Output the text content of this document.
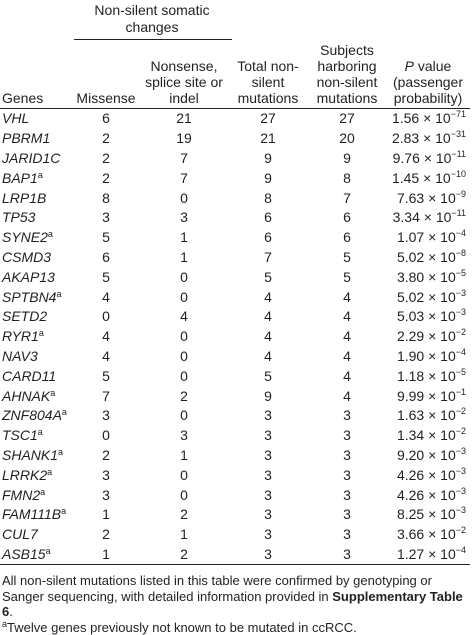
Non-silent somatic changes
Genes	Missense	Nonsense, splice site or indel	Total non-silent mutations	Subjects harboring non-silent mutations	P value (passenger probability)
VHL	6	21	27	27	$1.56 \times 10^{-71}$
PBRM1	2	19	21	20	$2.83 \times 10^{-31}$
JARID1C	2	7	9	9	$9.76 \times 10^{-11}$
BAP1$^a$	2	7	9	8	$1.45 \times 10^{-10}$
LRP1B	8	0	8	7	$7.63 \times 10^{-9}$
TP53	3	3	6	6	$3.34 \times 10^{-11}$
SYNE2$^a$	5	1	6	6	$1.07 \times 10^{-4}$
CSMD3	6	1	7	5	$5.02 \times 10^{-8}$
AKAP13	5	0	5	5	$3.80 \times 10^{-5}$
SPTBN4$^a$	4	0	4	4	$5.02 \times 10^{-3}$
SETD2	0	4	4	4	$5.03 \times 10^{-3}$
RYR1$^a$	4	0	4	4	$2.29 \times 10^{-2}$
NAV3	4	0	4	4	$1.90 \times 10^{-4}$
CARD11	5	0	5	4	$1.18 \times 10^{-5}$
AHNAK$^a$	7	2	9	4	$9.99 \times 10^{-1}$
$ZNF804A^a$	3	0	3	3	$1.63 \times 10^{-2}$
TSC1$^a$	0	3	3	3	$1.34 \times 10^{-2}$
SHANK1$^a$	2	1	3	3	$9.20 \times 10^{-3}$
LRRK2$^a$	3	0	3	3	$4.26 \times 10^{-3}$
FMN2$^a$	3	0	3	3	$4.26 \times 10^{-3}$
$FAM111B^a$	1	2	3	3	$8.25 \times 10^{-3}$
CUL7	2	1	3	3	$3.66 \times 10^{-2}$
ASB15$^a$	1	2	3	3	$1.27 \times 10^{-4}$
All non-silent mutations listed in this table were confirmed by genotyping or Sanger sequencing, with detailed information provided in Supplementary Table 6.
$^a$Twelve genes previously not known to be mutated in ccRCC.
